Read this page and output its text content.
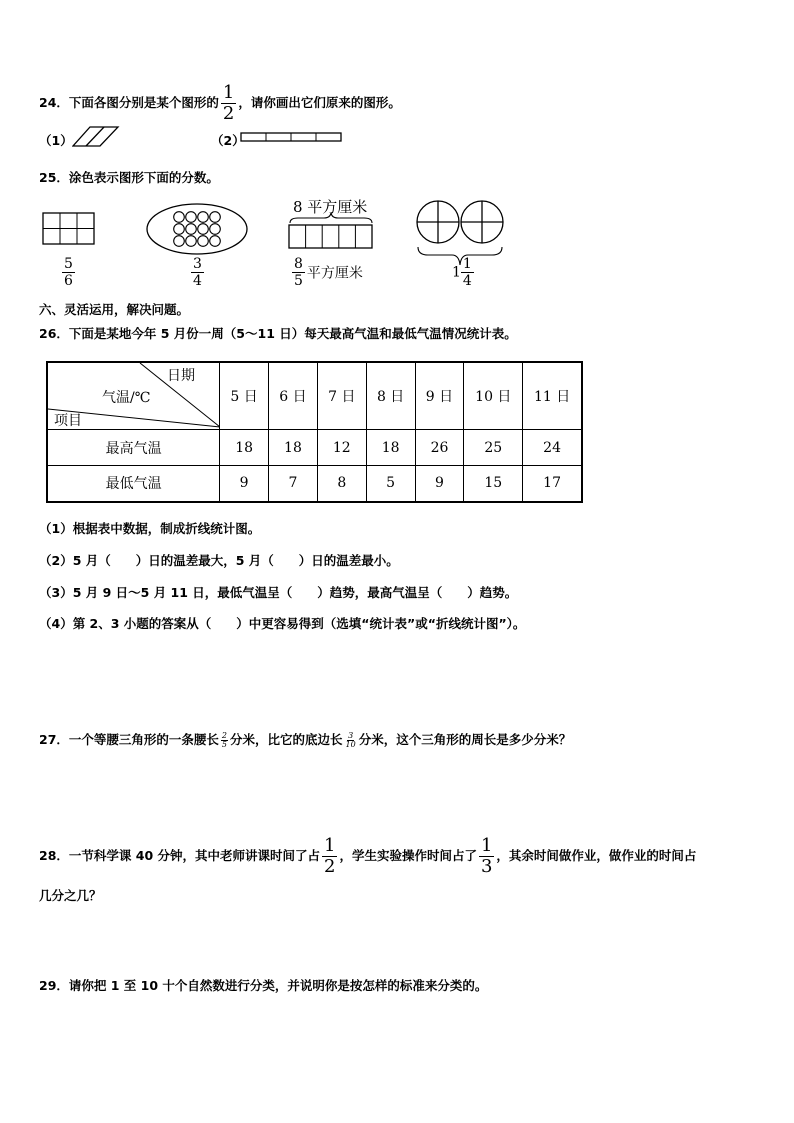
24．下面各图分别是某个图形的 $\frac{1}{2}$ ，请你画出它们原来的图形。
（1）	（2）
25．涂色表示图形下面的分数。
$\frac{5}{6}$	$\frac{3}{4}$
8 平方厘米
$\frac{8}{5}$ 平方厘米	$1 \frac{1}{4}$
六、灵活运用，解决问题。
26．下面是某地今年 5 月份一周（5～11 日）每天最高气温和最低气温情况统计表。
日期
气温/℃
项目	5 日	6 日	7 日	8 日	9 日	10 日	11 日
最高气温	18	18	12	18	26	25	24
最低气温	9	7	8	5	9	15	17
（1）根据表中数据，制成折线统计图。
（2）5 月（　　）日的温差最大，5 月（　　）日的温差最小。
（3）5 月 9 日～5 月 11 日，最低气温呈（　　）趋势，最高气温呈（　　）趋势。
（4）第 2、3 小题的答案从（　　）中更容易得到（选填“统计表”或“折线统计图”）。
27．一个等腰三角形的一条腰长 $\frac{2}{5}$ 分米，比它的底边长 $\frac{3}{10}$ 分米，这个三角形的周长是多少分米？
28．一节科学课 40 分钟，其中老师讲课时间了占 $\frac{1}{2}$ ，学生实验操作时间占了 $\frac{1}{3}$ ，其余时间做作业，做作业的时间占
几分之几？
29．请你把 1 至 10 十个自然数进行分类，并说明你是按怎样的标准来分类的。
